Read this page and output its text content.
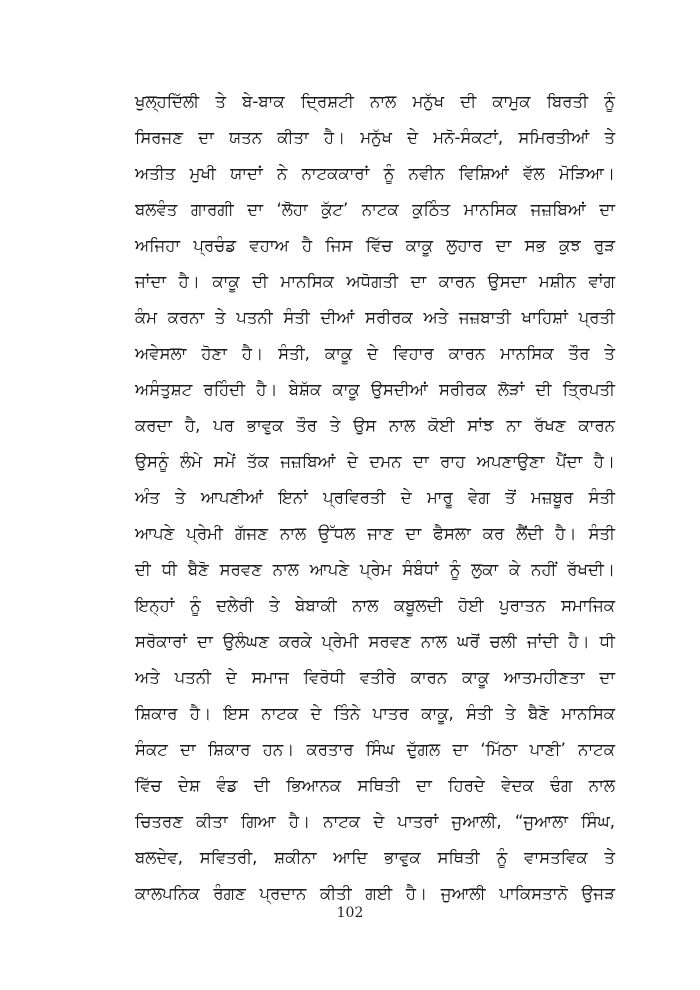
ਖੁਲ੍ਹਦਿੱਲੀ ਤੇ ਬੇ-ਬਾਕ ਦ੍ਰਿਸ਼ਟੀ ਨਾਲ ਮਨੁੱਖ ਦੀ ਕਾਮੁਕ ਬਿਰਤੀ ਨੂੰ
ਸਿਰਜਣ ਦਾ ਯਤਨ ਕੀਤਾ ਹੈ। ਮਨੁੱਖ ਦੇ ਮਨੋ-ਸੰਕਟਾਂ, ਸਮਿਰਤੀਆਂ ਤੇ
ਅਤੀਤ ਮੁਖੀ ਯਾਦਾਂ ਨੇ ਨਾਟਕਕਾਰਾਂ ਨੂੰ ਨਵੀਨ ਵਿਸ਼ਿਆਂ ਵੱਲ ਮੋੜਿਆ।
ਬਲਵੰਤ ਗਾਰਗੀ ਦਾ ‘ਲੋਹਾ ਕੁੱਟ’ ਨਾਟਕ ਕੁਠਿੰਤ ਮਾਨਸਿਕ ਜਜ਼ਬਿਆਂ ਦਾ
ਅਜਿਹਾ ਪ੍ਰਚੰਡ ਵਹਾਅ ਹੈ ਜਿਸ ਵਿੱਚ ਕਾਕੂ ਲੁਹਾਰ ਦਾ ਸਭ ਕੁਝ ਰੁੜ
ਜਾਂਦਾ ਹੈ। ਕਾਕੂ ਦੀ ਮਾਨਸਿਕ ਅਧੋਗਤੀ ਦਾ ਕਾਰਨ ਉਸਦਾ ਮਸ਼ੀਨ ਵਾਂਗ
ਕੰਮ ਕਰਨਾ ਤੇ ਪਤਨੀ ਸੰਤੀ ਦੀਆਂ ਸਰੀਰਕ ਅਤੇ ਜਜ਼ਬਾਤੀ ਖਾਹਿਸ਼ਾਂ ਪ੍ਰਤੀ
ਅਵੇਸਲਾ ਹੋਣਾ ਹੈ। ਸੰਤੀ, ਕਾਕੂ ਦੇ ਵਿਹਾਰ ਕਾਰਨ ਮਾਨਸਿਕ ਤੌਰ ਤੇ
ਅਸੰਤੁਸ਼ਟ ਰਹਿੰਦੀ ਹੈ। ਬੇਸ਼ੱਕ ਕਾਕੂ ਉਸਦੀਆਂ ਸਰੀਰਕ ਲੋੜਾਂ ਦੀ ਤ੍ਰਿਪਤੀ
ਕਰਦਾ ਹੈ, ਪਰ ਭਾਵੁਕ ਤੌਰ ਤੇ ਉਸ ਨਾਲ ਕੋਈ ਸਾਂਝ ਨਾ ਰੱਖਣ ਕਾਰਨ
ਉਸਨੂੰ ਲੰਮੇ ਸਮੇਂ ਤੱਕ ਜਜ਼ਬਿਆਂ ਦੇ ਦਮਨ ਦਾ ਰਾਹ ਅਪਣਾਉਣਾ ਪੈਂਦਾ ਹੈ।
ਅੰਤ ਤੇ ਆਪਣੀਆਂ ਇਨਾਂ ਪ੍ਰਵਿਰਤੀ ਦੇ ਮਾਰੂ ਵੇਗ ਤੋਂ ਮਜ਼ਬੂਰ ਸੰਤੀ
ਆਪਣੇ ਪ੍ਰੇਮੀ ਗੱਜਣ ਨਾਲ ਉੱਧਲ ਜਾਣ ਦਾ ਫੈਸਲਾ ਕਰ ਲੈਂਦੀ ਹੈ। ਸੰਤੀ
ਦੀ ਧੀ ਬੈਣੋ ਸਰਵਣ ਨਾਲ ਆਪਣੇ ਪ੍ਰੇਮ ਸੰਬੰਧਾਂ ਨੂੰ ਲੁਕਾ ਕੇ ਨਹੀਂ ਰੱਖਦੀ।
ਇਨ੍ਹਾਂ ਨੂੰ ਦਲੇਰੀ ਤੇ ਬੇਬਾਕੀ ਨਾਲ ਕਬੂਲਦੀ ਹੋਈ ਪੁਰਾਤਨ ਸਮਾਜਿਕ
ਸਰੋਕਾਰਾਂ ਦਾ ਉਲੰਘਣ ਕਰਕੇ ਪ੍ਰੇਮੀ ਸਰਵਣ ਨਾਲ ਘਰੋਂ ਚਲੀ ਜਾਂਦੀ ਹੈ। ਧੀ
ਅਤੇ ਪਤਨੀ ਦੇ ਸਮਾਜ ਵਿਰੋਧੀ ਵਤੀਰੇ ਕਾਰਨ ਕਾਕੂ ਆਤਮਹੀਣਤਾ ਦਾ
ਸ਼ਿਕਾਰ ਹੈ। ਇਸ ਨਾਟਕ ਦੇ ਤਿੰਨੇ ਪਾਤਰ ਕਾਕੂ, ਸੰਤੀ ਤੇ ਬੈਣੋ ਮਾਨਸਿਕ
ਸੰਕਟ ਦਾ ਸ਼ਿਕਾਰ ਹਨ। ਕਰਤਾਰ ਸਿੰਘ ਦੁੱਗਲ ਦਾ ‘ਮਿੱਠਾ ਪਾਣੀ’ ਨਾਟਕ
ਵਿੱਚ ਦੇਸ਼ ਵੰਡ ਦੀ ਭਿਆਨਕ ਸਥਿਤੀ ਦਾ ਹਿਰਦੇ ਵੇਦਕ ਢੰਗ ਨਾਲ
ਚਿਤਰਣ ਕੀਤਾ ਗਿਆ ਹੈ। ਨਾਟਕ ਦੇ ਪਾਤਰਾਂ ਜੁਆਲੀ, “ਜੁਆਲਾ ਸਿੰਘ,
ਬਲਦੇਵ, ਸਵਿਤਰੀ, ਸ਼ਕੀਨਾ ਆਦਿ ਭਾਵੁਕ ਸਥਿਤੀ ਨੂੰ ਵਾਸਤਵਿਕ ਤੇ
ਕਾਲਪਨਿਕ ਰੰਗਣ ਪ੍ਰਦਾਨ ਕੀਤੀ ਗਈ ਹੈ। ਜੁਆਲੀ ਪਾਕਿਸਤਾਨੋ ਉਜੜ
102
